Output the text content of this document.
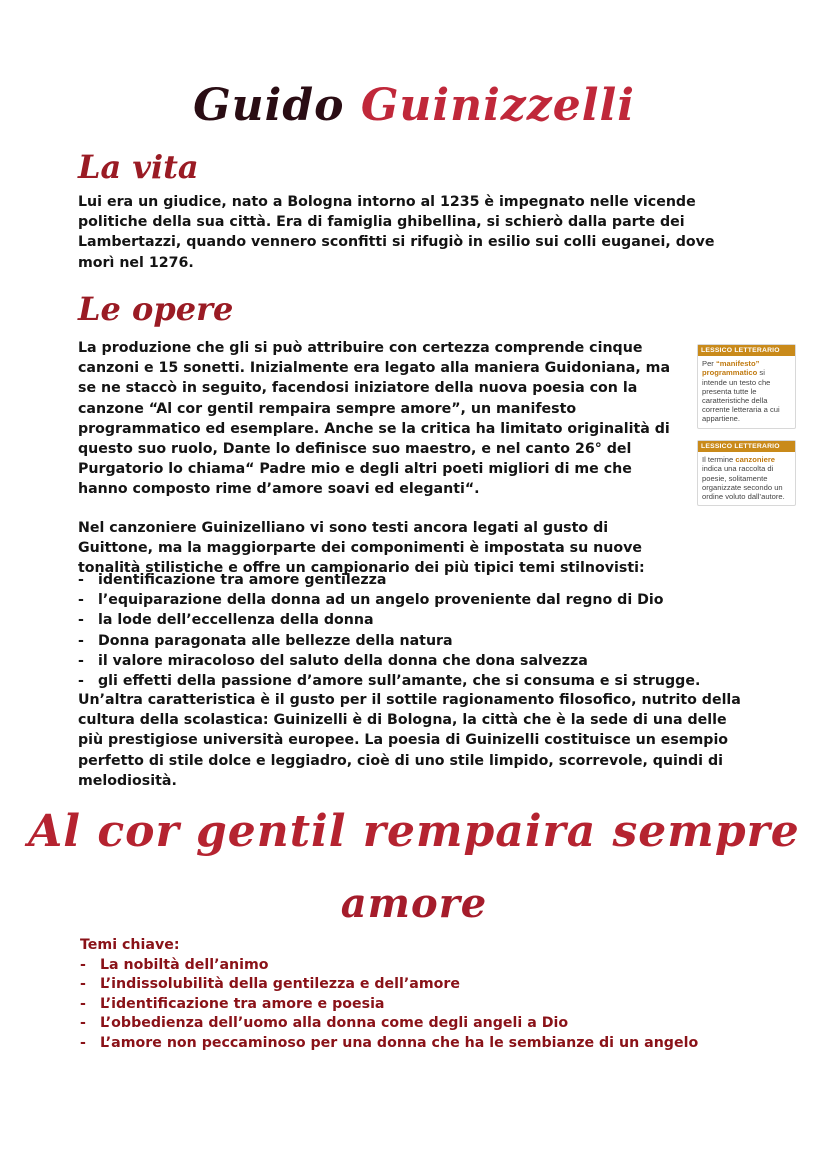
Guido Guinizzelli
La vita
Lui era un giudice, nato a Bologna intorno al 1235 è impegnato nelle vicende politiche della sua città. Era di famiglia ghibellina, si schierò dalla parte dei Lambertazzi, quando vennero sconfitti si rifugiò in esilio sui colli euganei, dove morì nel 1276.
Le opere
La produzione che gli si può attribuire con certezza comprende cinque canzoni e 15 sonetti. Inizialmente era legato alla maniera Guidoniana, ma se ne staccò in seguito, facendosi iniziatore della nuova poesia con la canzone “Al cor gentil rempaira sempre amore”, un manifesto programmatico ed esemplare. Anche se la critica ha limitato originalità di questo suo ruolo, Dante lo definisce suo maestro, e nel canto 26° del Purgatorio lo chiama“ Padre mio e degli altri poeti migliori di me che hanno composto rime d’amore soavi ed eleganti“.
Nel canzoniere Guinizelliano vi sono testi ancora legati al gusto di Guittone, ma la maggiorparte dei componimenti è impostata su nuove tonalità stilistiche e offre un campionario dei più tipici temi stilnovisti:
- identificazione tra amore gentilezza
- l’equiparazione della donna ad un angelo proveniente dal regno di Dio
- la lode dell’eccellenza della donna
- Donna paragonata alle bellezze della natura
- il valore miracoloso del saluto della donna che dona salvezza
- gli effetti della passione d’amore sull’amante, che si consuma e si strugge.
Un’altra caratteristica è il gusto per il sottile ragionamento filosofico, nutrito della cultura della scolastica: Guinizelli è di Bologna, la città che è la sede di una delle più prestigiose università europee. La poesia di Guinizelli costituisce un esempio perfetto di stile dolce e leggiadro, cioè di uno stile limpido, scorrevole, quindi di melodiosità.
LESSICO LETTERARIO
Per “manifesto” programmatico si intende un testo che presenta tutte le caratteristiche della corrente letteraria a cui appartiene.
LESSICO LETTERARIO
Il termine canzoniere indica una raccolta di poesie, solitamente organizzate secondo un ordine voluto dall’autore.
Al cor gentil rempaira sempre
amore
Temi chiave:
- La nobiltà dell’animo
- L’indissolubilità della gentilezza e dell’amore
- L’identificazione tra amore e poesia
- L’obbedienza dell’uomo alla donna come degli angeli a Dio
- L’amore non peccaminoso per una donna che ha le sembianze di un angelo
